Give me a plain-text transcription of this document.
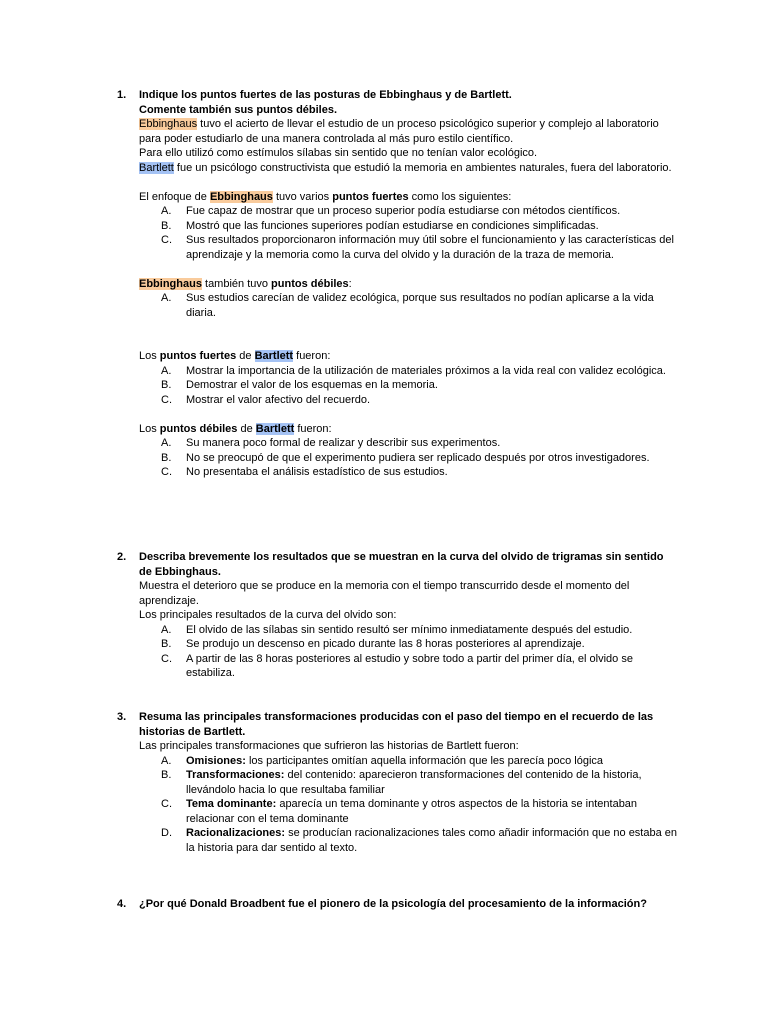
1.	Indique los puntos fuertes de las posturas de Ebbinghaus y de Bartlett.
Comente también sus puntos débiles.

Ebbinghaus tuvo el acierto de llevar el estudio de un proceso psicológico superior y complejo al laboratorio para poder estudiarlo de una manera controlada al más puro estilo científico.

Para ello utilizó como estímulos sílabas sin sentido que no tenían valor ecológico.

Bartlett fue un psicólogo constructivista que estudió la memoria en ambientes naturales, fuera del laboratorio.

El enfoque de Ebbinghaus tuvo varios puntos fuertes como los siguientes:

A.	Fue capaz de mostrar que un proceso superior podía estudiarse con métodos científicos.
B.	Mostró que las funciones superiores podían estudiarse en condiciones simplificadas.
C.	Sus resultados proporcionaron información muy útil sobre el funcionamiento y las características del aprendizaje y la memoria como la curva del olvido y la duración de la traza de memoria.

Ebbinghaus también tuvo puntos débiles:

A.	Sus estudios carecían de validez ecológica, porque sus resultados no podían aplicarse a la vida diaria.

Los puntos fuertes de Bartlett fueron:

A.	Mostrar la importancia de la utilización de materiales próximos a la vida real con validez ecológica.
B.	Demostrar el valor de los esquemas en la memoria.
C.	Mostrar el valor afectivo del recuerdo.

Los puntos débiles de Bartlett fueron:

A.	Su manera poco formal de realizar y describir sus experimentos.
B.	No se preocupó de que el experimento pudiera ser replicado después por otros investigadores.
C.	No presentaba el análisis estadístico de sus estudios.
2.	Describa brevemente los resultados que se muestran en la curva del olvido de trigramas sin sentido de Ebbinghaus.

Muestra el deterioro que se produce en la memoria con el tiempo transcurrido desde el momento del aprendizaje.

Los principales resultados de la curva del olvido son:

A.	El olvido de las sílabas sin sentido resultó ser mínimo inmediatamente después del estudio.
B.	Se produjo un descenso en picado durante las 8 horas posteriores al aprendizaje.
C.	A partir de las 8 horas posteriores al estudio y sobre todo a partir del primer día, el olvido se estabiliza.
3.	Resuma las principales transformaciones producidas con el paso del tiempo en el recuerdo de las historias de Bartlett.

Las principales transformaciones que sufrieron las historias de Bartlett fueron:

A.	Omisiones: los participantes omitían aquella información que les parecía poco lógica
B.	Transformaciones: del contenido: aparecieron transformaciones del contenido de la historia, llevándolo hacia lo que resultaba familiar
C.	Tema dominante: aparecía un tema dominante y otros aspectos de la historia se intentaban relacionar con el tema dominante
D.	Racionalizaciones: se producían racionalizaciones tales como añadir información que no estaba en la historia para dar sentido al texto.
4.	¿Por qué Donald Broadbent fue el pionero de la psicología del procesamiento de la información?
